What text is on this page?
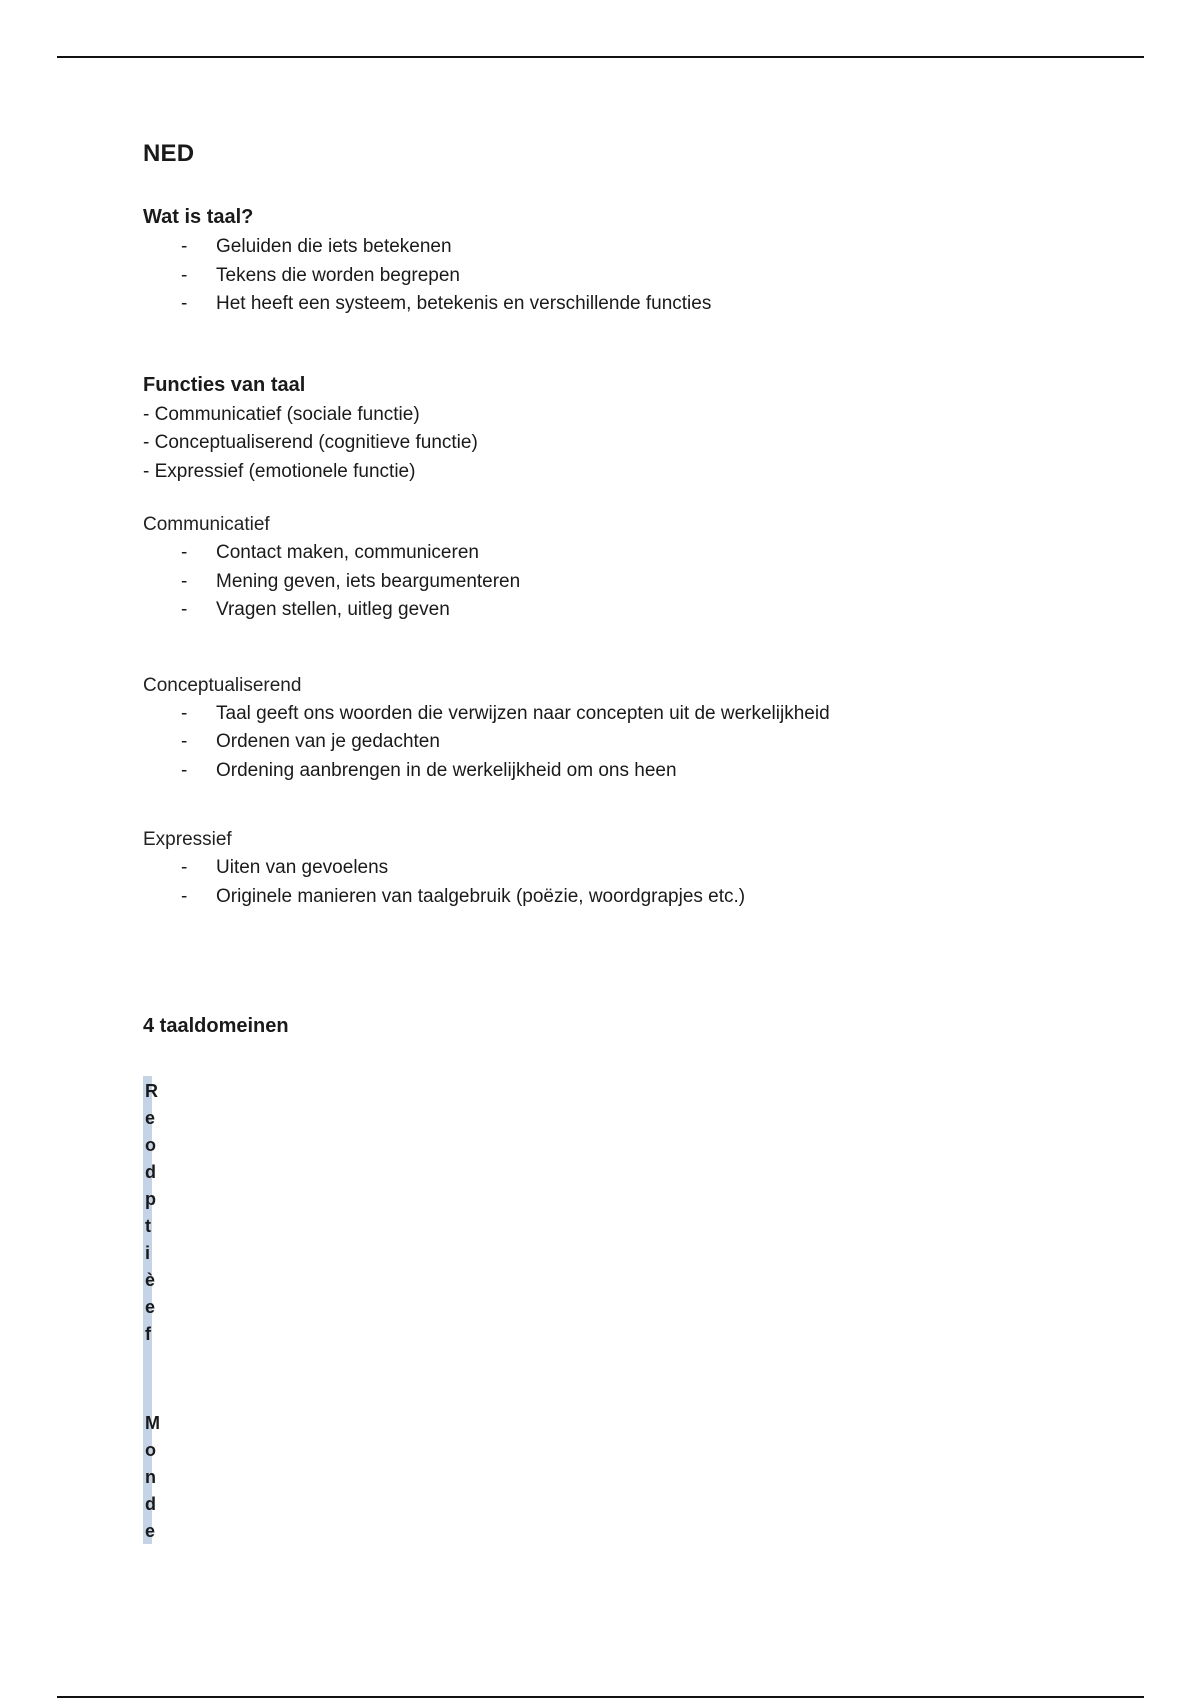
NED
Wat is taal?
- Geluiden die iets betekenen
- Tekens die worden begrepen
- Het heeft een systeem, betekenis en verschillende functies
Functies van taal
- Communicatief (sociale functie)
- Conceptualiserend (cognitieve functie)
- Expressief (emotionele functie)
Communicatief
- Contact maken, communiceren
- Mening geven, iets beargumenteren
- Vragen stellen, uitleg geven
Conceptualiserend
- Taal geeft ons woorden die verwijzen naar concepten uit de werkelijkheid
- Ordenen van je gedachten
- Ordening aanbrengen in de werkelijkheid om ons heen
Expressief
- Uiten van gevoelens
- Originele manieren van taalgebruik (poëzie, woordgrapjes etc.)
4 taaldomeinen
R
e
o
d
p
t
i
è
e
f
M
o
n
d
e
